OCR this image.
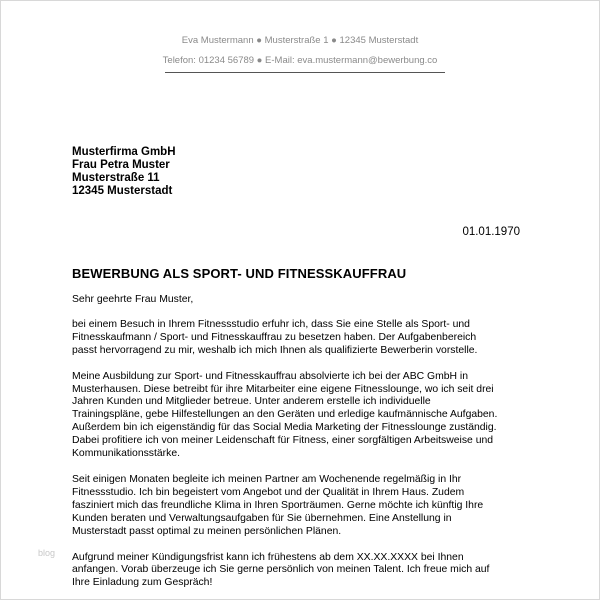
Eva Mustermann ● Musterstraße 1 ● 12345 Musterstadt
Telefon: 01234 56789 ● E-Mail: eva.mustermann@bewerbung.co
Musterfirma GmbH
Frau Petra Muster
Musterstraße 11
12345 Musterstadt
01.01.1970
BEWERBUNG ALS SPORT- UND FITNESSKAUFFRAU

Sehr geehrte Frau Muster,

bei einem Besuch in Ihrem Fitnessstudio erfuhr ich, dass Sie eine Stelle als Sport- und
Fitnesskaufmann / Sport- und Fitnesskauffrau zu besetzen haben. Der Aufgabenbereich
passt hervorragend zu mir, weshalb ich mich Ihnen als qualifizierte Bewerberin vorstelle.

Meine Ausbildung zur Sport- und Fitnesskauffrau absolvierte ich bei der ABC GmbH in
Musterhausen. Diese betreibt für ihre Mitarbeiter eine eigene Fitnesslounge, wo ich seit drei
Jahren Kunden und Mitglieder betreue. Unter anderem erstelle ich individuelle
Trainingspläne, gebe Hilfestellungen an den Geräten und erledige kaufmännische Aufgaben.
Außerdem bin ich eigenständig für das Social Media Marketing der Fitnesslounge zuständig.
Dabei profitiere ich von meiner Leidenschaft für Fitness, einer sorgfältigen Arbeitsweise und
Kommunikationsstärke.

Seit einigen Monaten begleite ich meinen Partner am Wochenende regelmäßig in Ihr
Fitnessstudio. Ich bin begeistert vom Angebot und der Qualität in Ihrem Haus. Zudem
fasziniert mich das freundliche Klima in Ihren Sporträumen. Gerne möchte ich künftig Ihre
Kunden beraten und Verwaltungsaufgaben für Sie übernehmen. Eine Anstellung in
Musterstadt passt optimal zu meinen persönlichen Plänen.

Aufgrund meiner Kündigungsfrist kann ich frühestens ab dem XX.XX.XXXX bei Ihnen
anfangen. Vorab überzeuge ich Sie gerne persönlich von meinen Talent. Ich freue mich auf
Ihre Einladung zum Gespräch!

blog
